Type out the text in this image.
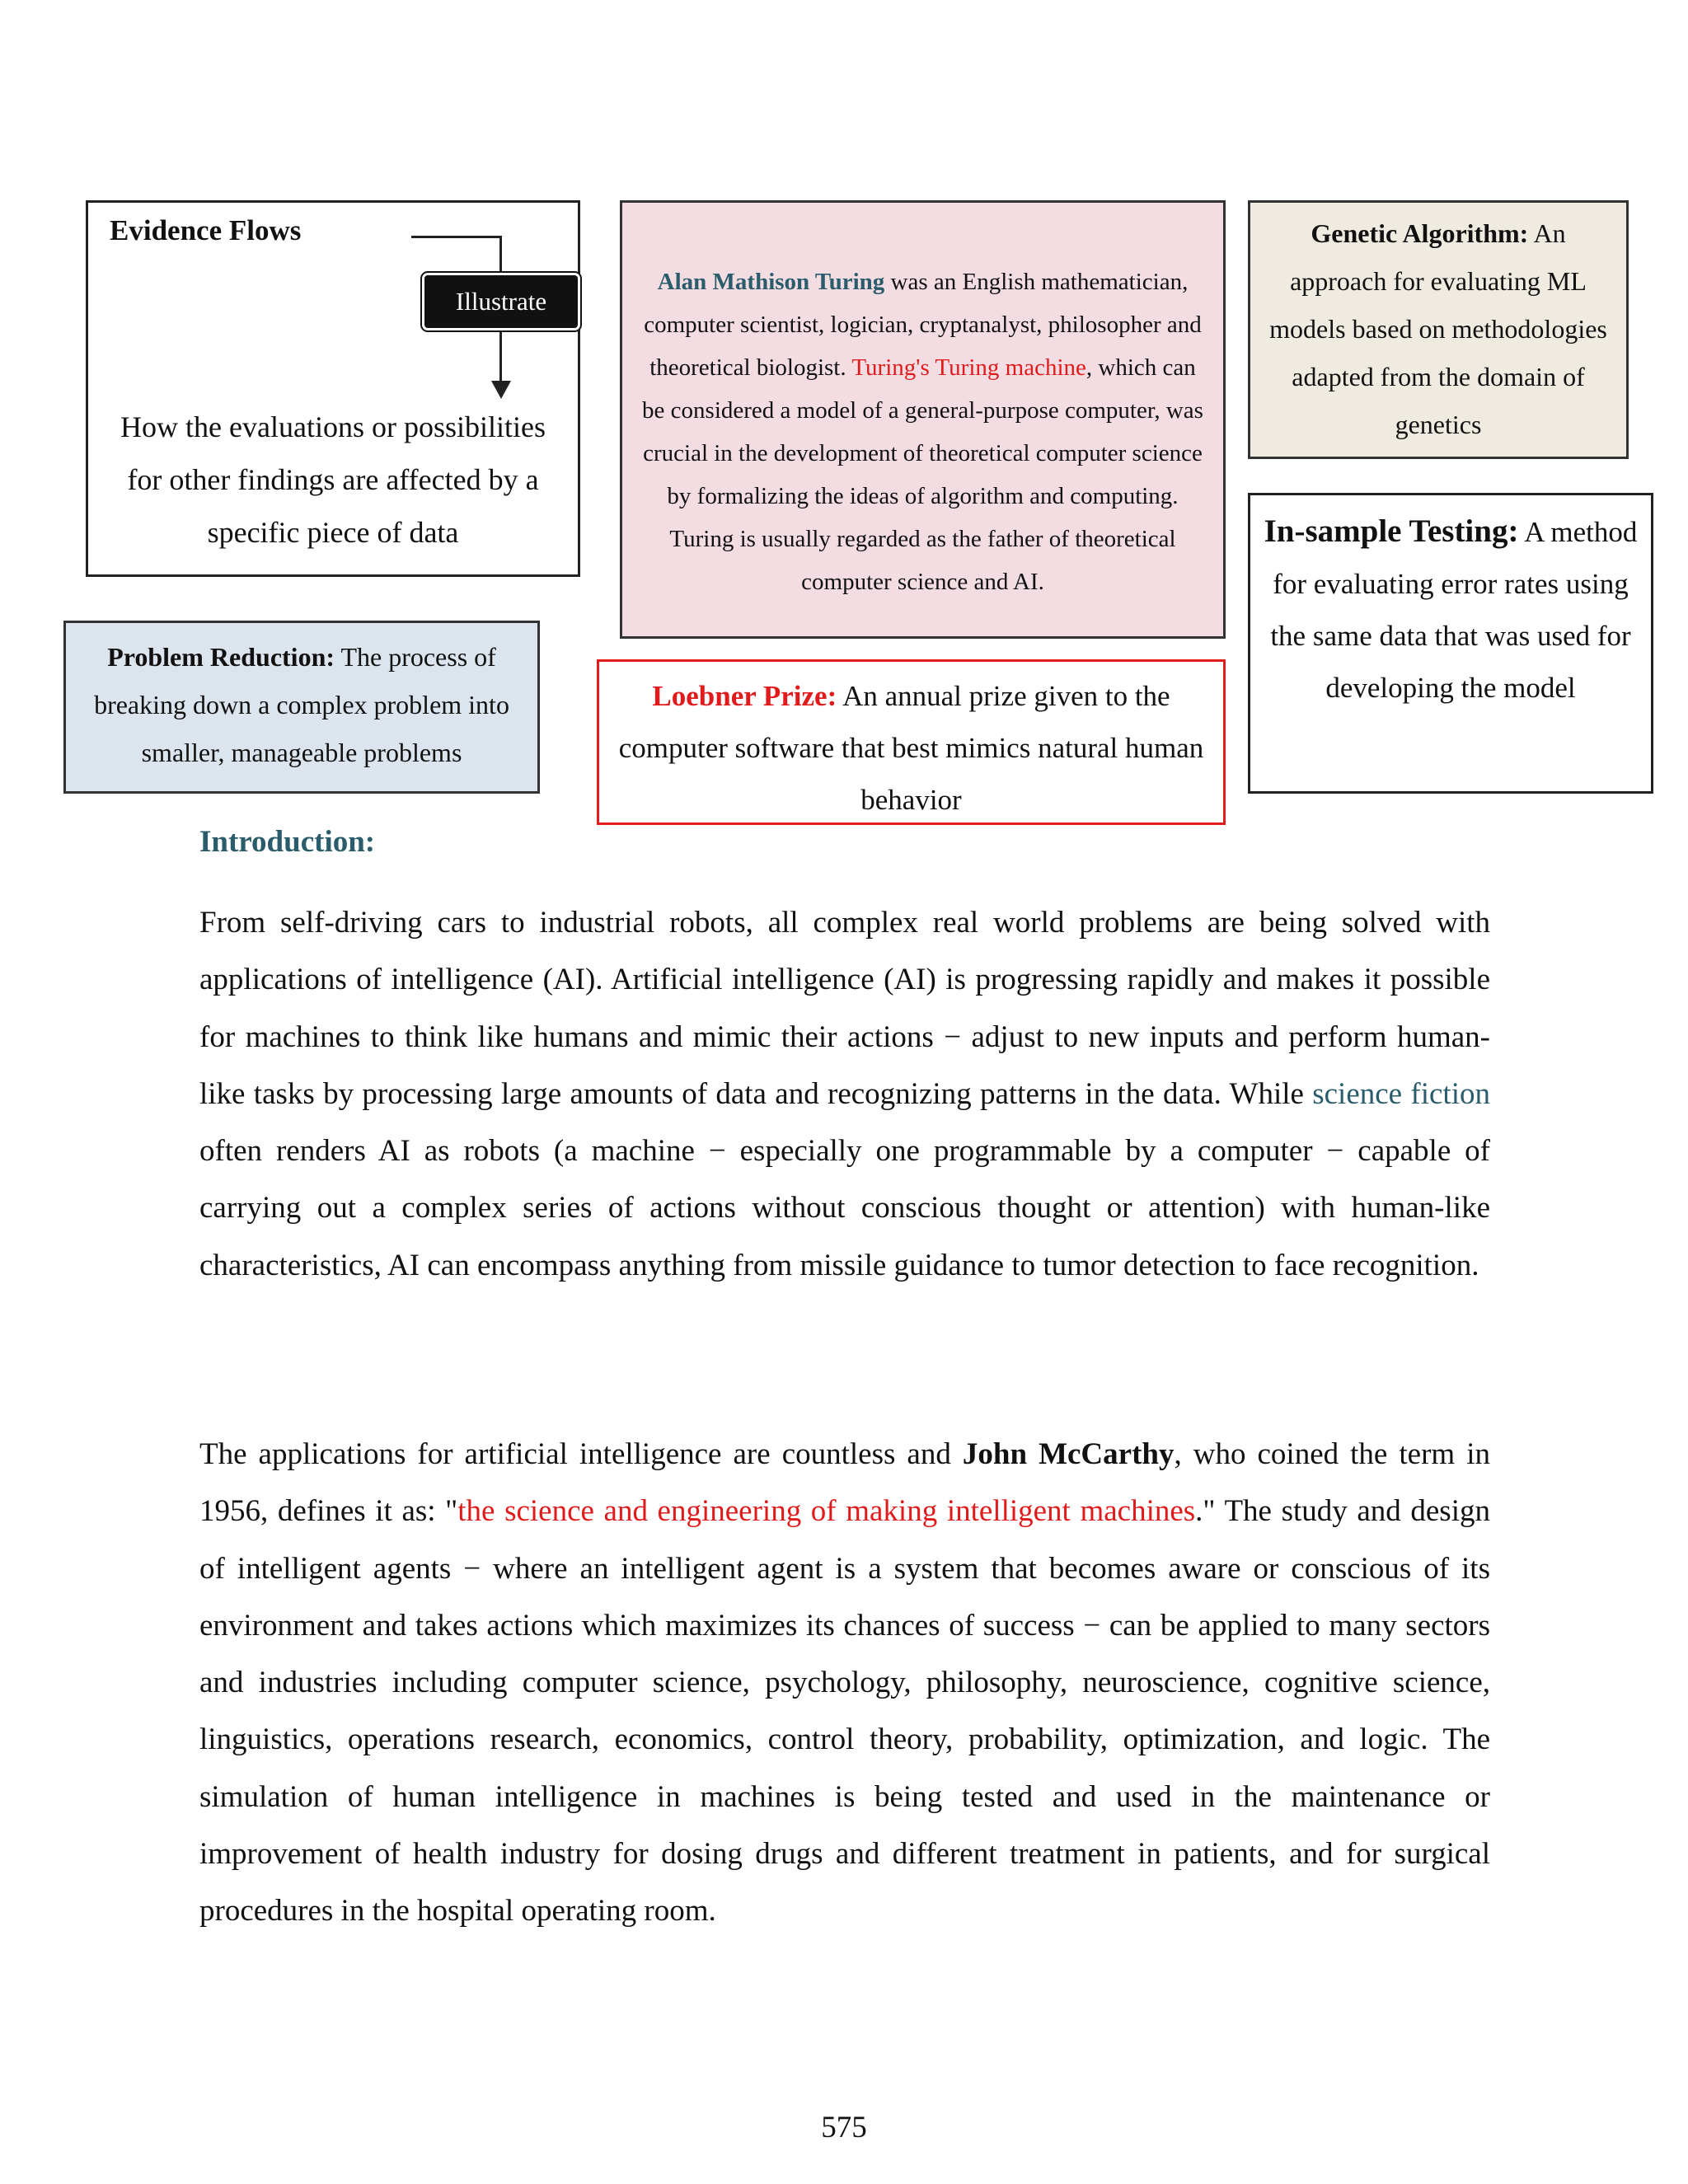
Evidence Flows
Illustrate
How the evaluations or possibilities for other findings are affected by a specific piece of data
Alan Mathison Turing was an English mathematician, computer scientist, logician, cryptanalyst, philosopher and theoretical biologist. Turing's Turing machine, which can be considered a model of a general-purpose computer, was crucial in the development of theoretical computer science by formalizing the ideas of algorithm and computing. Turing is usually regarded as the father of theoretical computer science and AI.
Genetic Algorithm: An approach for evaluating ML models based on methodologies adapted from the domain of genetics
In-sample Testing: A method for evaluating error rates using the same data that was used for developing the model
Problem Reduction: The process of breaking down a complex problem into smaller, manageable problems
Loebner Prize: An annual prize given to the computer software that best mimics natural human behavior
Introduction:

From self-driving cars to industrial robots, all complex real world problems are being solved with applications of intelligence (AI). Artificial intelligence (AI) is progressing rapidly and makes it possible for machines to think like humans and mimic their actions − adjust to new inputs and perform human-like tasks by processing large amounts of data and recognizing patterns in the data. While science fiction often renders AI as robots (a machine − especially one programmable by a computer − capable of carrying out a complex series of actions without conscious thought or attention) with human-like characteristics, AI can encompass anything from missile guidance to tumor detection to face recognition.

The applications for artificial intelligence are countless and John McCarthy, who coined the term in 1956, defines it as: "the science and engineering of making intelligent machines." The study and design of intelligent agents − where an intelligent agent is a system that becomes aware or conscious of its environment and takes actions which maximizes its chances of success − can be applied to many sectors and industries including computer science, psychology, philosophy, neuroscience, cognitive science, linguistics, operations research, economics, control theory, probability, optimization, and logic. The simulation of human intelligence in machines is being tested and used in the maintenance or improvement of health industry for dosing drugs and different treatment in patients, and for surgical procedures in the hospital operating room.

575
